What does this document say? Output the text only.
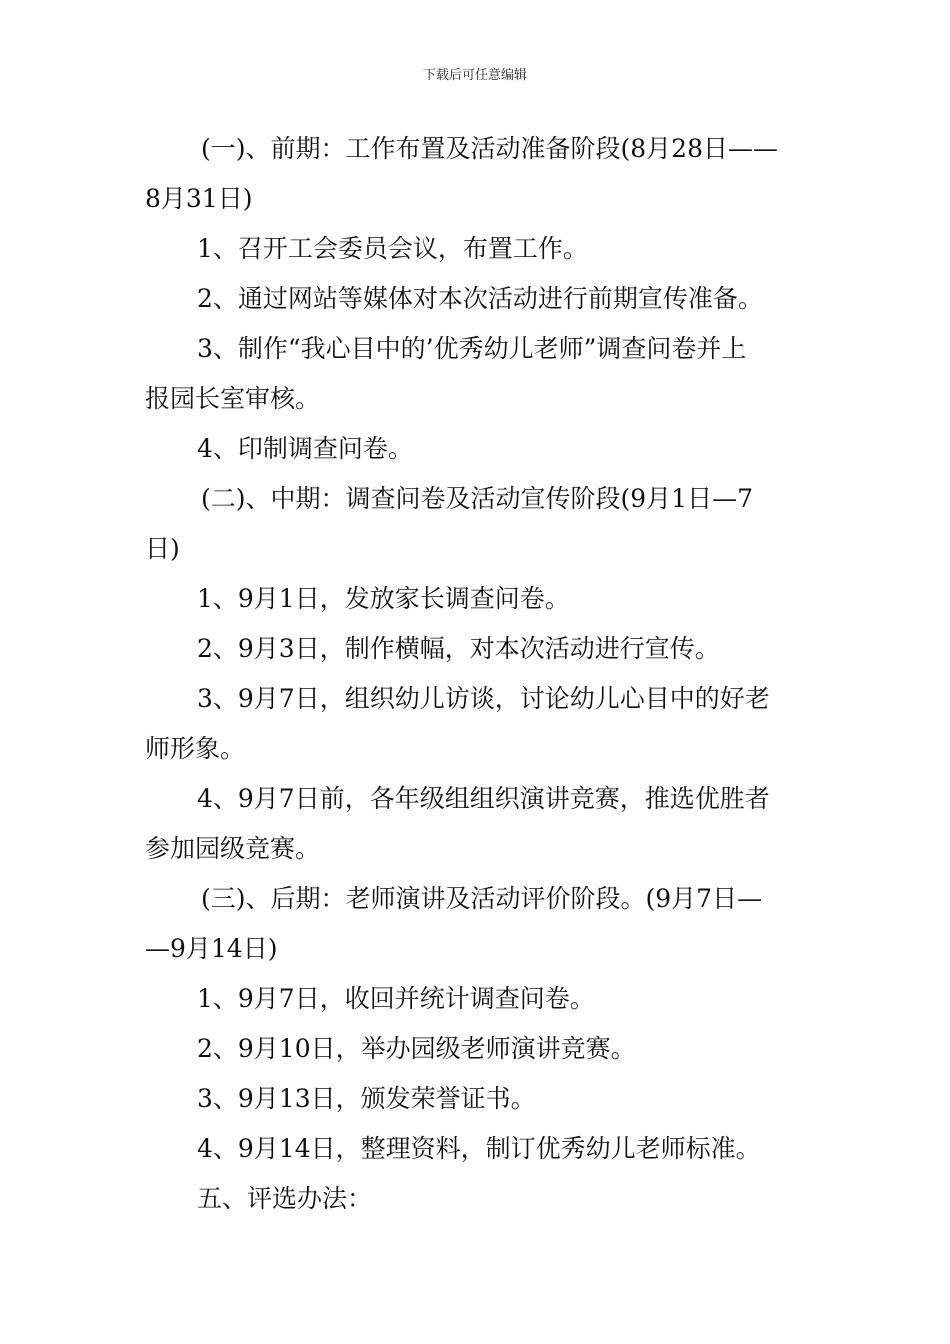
下载后可任意编辑
(一)、前期：工作布置及活动准备阶段(8月28日——
8月31日)
1、召开工会委员会议，布置工作。
2、通过网站等媒体对本次活动进行前期宣传准备。
3、制作“我心目中的’优秀幼儿老师”调查问卷并上
报园长室审核。
4、印制调查问卷。
(二)、中期：调查问卷及活动宣传阶段(9月1日—7
日)
1、9月1日，发放家长调查问卷。
2、9月3日，制作横幅，对本次活动进行宣传。
3、9月7日，组织幼儿访谈，讨论幼儿心目中的好老
师形象。
4、9月7日前，各年级组组织演讲竞赛，推选优胜者
参加园级竞赛。
(三)、后期：老师演讲及活动评价阶段。(9月7日—
—9月14日)
1、9月7日，收回并统计调查问卷。
2、9月10日，举办园级老师演讲竞赛。
3、9月13日，颁发荣誉证书。
4、9月14日，整理资料，制订优秀幼儿老师标准。
五、评选办法：
